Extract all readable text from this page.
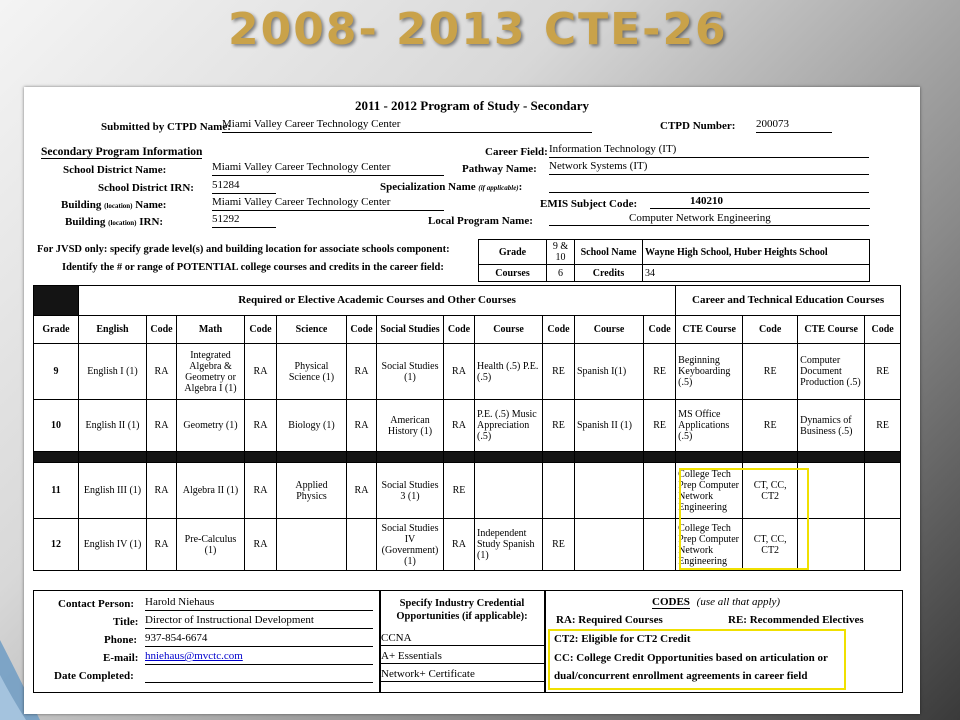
2008- 2013 CTE-26
2011 - 2012 Program of Study - Secondary
Submitted by CTPD Name:
Miami Valley Career Technology Center	CTPD Number: 200073
Secondary Program Information
School District Name:	Miami Valley Career Technology Center
School District IRN: 51284
Building (location) Name:	Miami Valley Career Technology Center
Building (location) IRN:	51292
Career Field: Information Technology (IT)
Pathway Name: Network Systems (IT)
Specialization Name (if applicable):
EMIS Subject Code:	140210
Local Program Name:	Computer Network Engineering
For JVSD only: specify grade level(s) and building location for associate schools component:
Identify the # or range of POTENTIAL college courses and credits in the career field:
Grade	9 & 10	School Name	Wayne High School, Huber Heights School
Courses	6	Credits	34
	Required or Elective Academic Courses and Other Courses												Career and Technical Education Courses			
Grade	English	Code	Math	Code	Science	Code	Social Studies	Code	Course	Code	Course	Code	CTE Course	Code	CTE Course	Code
9	English I (1)	RA	Integrated Algebra & Geometry or Algebra I (1)	RA	Physical Science (1)	RA	Social Studies (1)	RA	Health (.5) P.E. (.5)	RE	Spanish I(1)	RE	Beginning Keyboarding (.5)	RE	Computer Document Production (.5)	RE
10	English II (1)	RA	Geometry (1)	RA	Biology (1)	RA	American History (1)	RA	P.E. (.5) Music Appreciation (.5)	RE	Spanish II (1)	RE	MS Office Applications (.5)	RE	Dynamics of Business (.5)	RE

11	English III (1)	RA	Algebra II (1)	RA	Applied Physics	RA	Social Studies 3 (1)	RE					College Tech Prep Computer Network Engineering	CT, CC, CT2		
12	English IV (1)	RA	Pre-Calculus (1)	RA			Social Studies IV (Government) (1)	RA	Independent Study Spanish (1)	RE			College Tech Prep Computer Network Engineering	CT, CC, CT2		
Contact Person: Harold Niehaus
Title: Director of Instructional Development
Phone: 937-854-6674
E-mail: hniehaus@mvctc.com
Date Completed:
Specify Industry Credential Opportunities (if applicable):
CCNA
A+ Essentials
Network+ Certificate
CODES (use all that apply)
RA: Required Courses	RE: Recommended Electives
CT2: Eligible for CT2 Credit
CC: College Credit Opportunities based on articulation or
dual/concurrent enrollment agreements in career field
